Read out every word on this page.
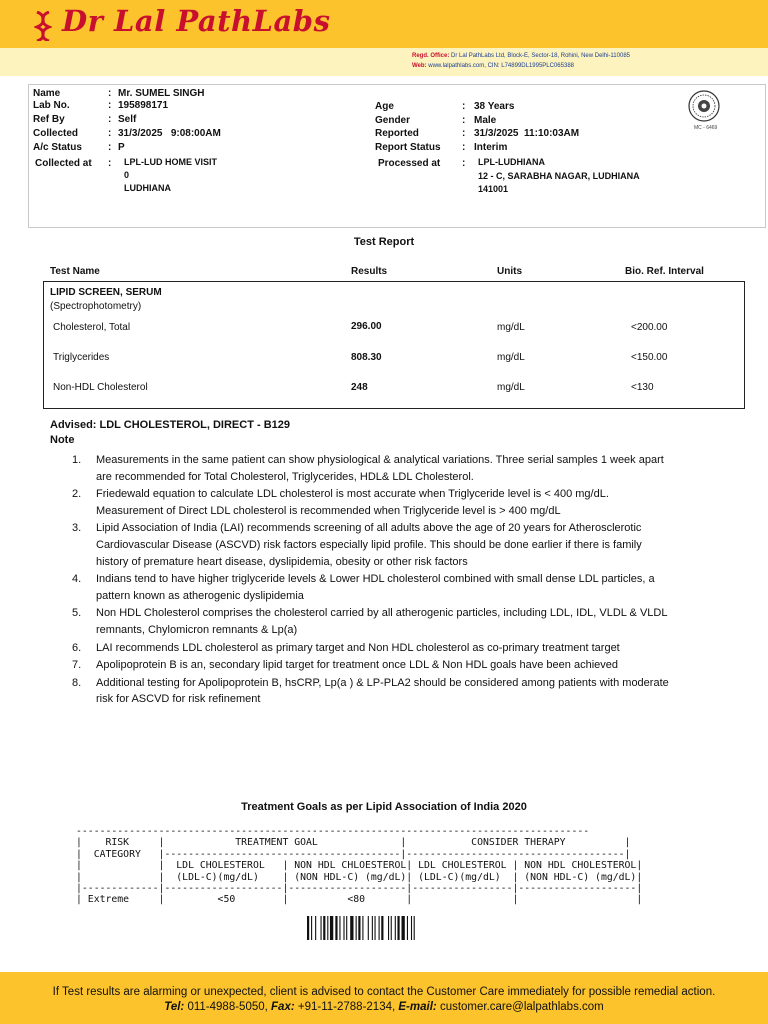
Dr Lal PathLabs
Regd. Office: Dr Lal PathLabs Ltd, Block-E, Sector-18, Rohini, New Delhi-110085
Web: www.lalpathlabs.com, CIN: L74899DL1995PLC065388
Name	: Mr. SUMEL SINGH
Lab No.	: 195898171
Ref By	: Self
Collected	: 31/3/2025   9:08:00AM
A/c Status	: P
Collected at : LPL-LUD HOME VISIT
0
LUDHIANA
Age	: 38 Years
Gender	: Male
Reported	: 31/3/2025  11:10:03AM
Report Status : Interim
Processed at : LPL-LUDHIANA
12 - C, SARABHA NAGAR, LUDHIANA
141001
MC - 6469
Test Report
Test Name	Results	Units	Bio. Ref. Interval
LIPID SCREEN, SERUM
(Spectrophotometry)
Cholesterol, Total	296.00	mg/dL	<200.00
Triglycerides	808.30	mg/dL	<150.00
Non-HDL Cholesterol	248	mg/dL	<130
Advised: LDL CHOLESTEROL, DIRECT - B129
Note
1. Measurements in the same patient can show physiological & analytical variations. Three serial samples 1 week apart are recommended for Total Cholesterol, Triglycerides, HDL& LDL Cholesterol.
2. Friedewald equation to calculate LDL cholesterol is most accurate when Triglyceride level is < 400 mg/dL. Measurement of Direct LDL cholesterol is recommended when Triglyceride level is > 400 mg/dL
3. Lipid Association of India (LAI) recommends screening of all adults above the age of 20 years for Atherosclerotic Cardiovascular Disease (ASCVD) risk factors especially lipid profile. This should be done earlier if there is family history of premature heart disease, dyslipidemia, obesity or other risk factors
4. Indians tend to have higher triglyceride levels & Lower HDL cholesterol combined with small dense LDL particles, a pattern known as atherogenic dyslipidemia
5. Non HDL Cholesterol comprises the cholesterol carried by all atherogenic particles, including LDL, IDL, VLDL & VLDL remnants, Chylomicron remnants & Lp(a)
6. LAI recommends LDL cholesterol as primary target and Non HDL cholesterol as co-primary treatment target
7. Apolipoprotein B is an, secondary lipid target for treatment once LDL & Non HDL goals have been achieved
8. Additional testing for Apolipoprotein B, hsCRP, Lp(a ) & LP-PLA2 should be considered among patients with moderate risk for ASCVD for risk refinement
Treatment Goals as per Lipid Association of India 2020
---------------------------------------------------------------------------------------
|    RISK     |            TREATMENT GOAL              |           CONSIDER THERAPY          |
|  CATEGORY   |----------------------------------------|-------------------------------------|
|             |  LDL CHOLESTEROL   | NON HDL CHLOESTEROL| LDL CHOLESTEROL | NON HDL CHOLESTEROL|
|             |  (LDL-C)(mg/dL)    | (NON HDL-C) (mg/dL)| (LDL-C)(mg/dL)  | (NON HDL-C) (mg/dL)|
|-------------|--------------------|--------------------|-----------------|--------------------|
| Extreme     |         <50        |          <80       |                 |                    |
If Test results are alarming or unexpected, client is advised to contact the Customer Care immediately for possible remedial action.
Tel: 011-4988-5050, Fax: +91-11-2788-2134, E-mail: customer.care@lalpathlabs.com
